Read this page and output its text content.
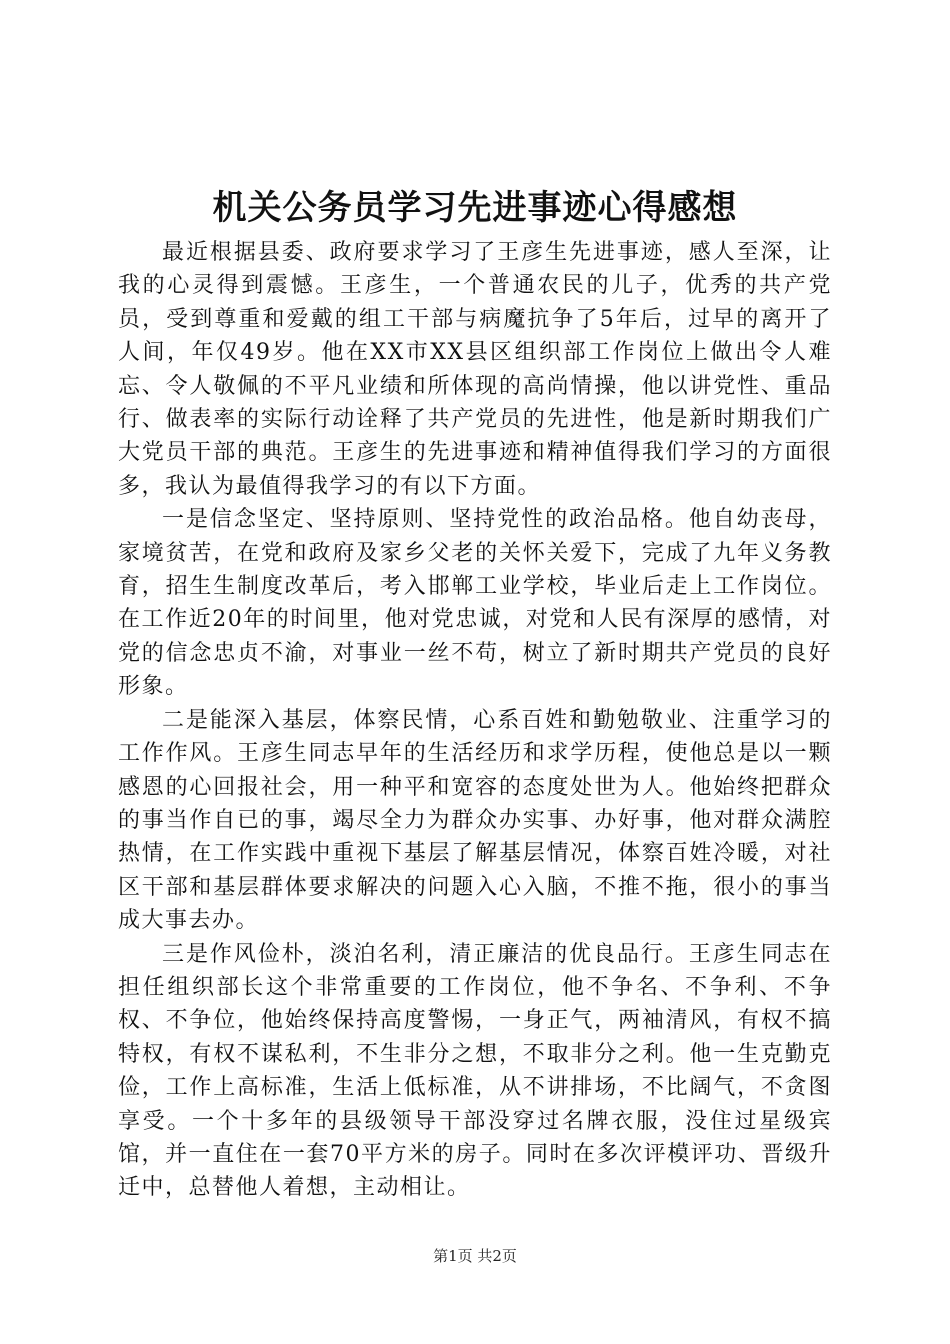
机关公务员学习先进事迹心得感想

最近根据县委、政府要求学习了王彦生先进事迹，感人至深，让我的心灵得到震憾。王彦生，一个普通农民的儿子，优秀的共产党员，受到尊重和爱戴的组工干部与病魔抗争了5年后，过早的离开了人间，年仅49岁。他在XX市XX县区组织部工作岗位上做出令人难忘、令人敬佩的不平凡业绩和所体现的高尚情操，他以讲党性、重品行、做表率的实际行动诠释了共产党员的先进性，他是新时期我们广大党员干部的典范。王彦生的先进事迹和精神值得我们学习的方面很多，我认为最值得我学习的有以下方面。

一是信念坚定、坚持原则、坚持党性的政治品格。他自幼丧母，家境贫苦，在党和政府及家乡父老的关怀关爱下，完成了九年义务教育，招生生制度改革后，考入邯郸工业学校，毕业后走上工作岗位。在工作近20年的时间里，他对党忠诚，对党和人民有深厚的感情，对党的信念忠贞不渝，对事业一丝不苟，树立了新时期共产党员的良好形象。

二是能深入基层，体察民情，心系百姓和勤勉敬业、注重学习的工作作风。王彦生同志早年的生活经历和求学历程，使他总是以一颗感恩的心回报社会，用一种平和宽容的态度处世为人。他始终把群众的事当作自已的事，竭尽全力为群众办实事、办好事，他对群众满腔热情，在工作实践中重视下基层了解基层情况，体察百姓冷暖，对社区干部和基层群体要求解决的问题入心入脑，不推不拖，很小的事当成大事去办。

三是作风俭朴，淡泊名利，清正廉洁的优良品行。王彦生同志在担任组织部长这个非常重要的工作岗位，他不争名、不争利、不争权、不争位，他始终保持高度警惕，一身正气，两袖清风，有权不搞特权，有权不谋私利，不生非分之想，不取非分之利。他一生克勤克俭，工作上高标准，生活上低标准，从不讲排场，不比阔气，不贪图享受。一个十多年的县级领导干部没穿过名牌衣服，没住过星级宾馆，并一直住在一套70平方米的房子。同时在多次评模评功、晋级升迁中，总替他人着想，主动相让。

第1页 共2页
